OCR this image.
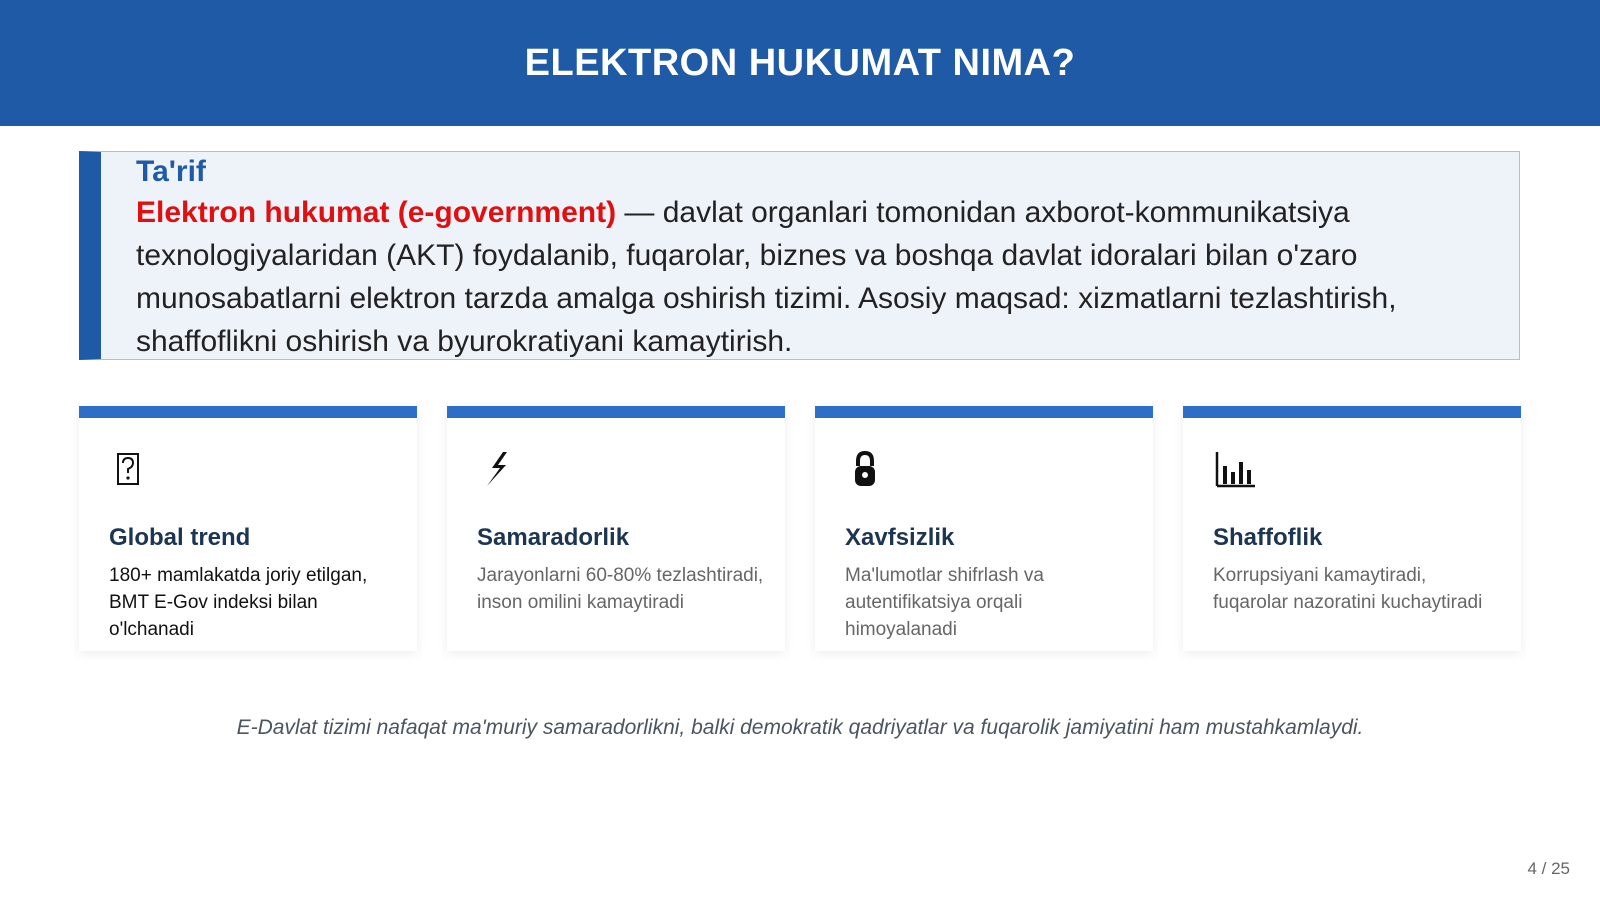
ELEKTRON HUKUMAT NIMA?
Ta'rif
Elektron hukumat (e-government) — davlat organlari tomonidan axborot-kommunikatsiya texnologiyalaridan (AKT) foydalanib, fuqarolar, biznes va boshqa davlat idoralari bilan o'zaro munosabatlarni elektron tarzda amalga oshirish tizimi. Asosiy maqsad: xizmatlarni tezlashtirish, shaffoflikni oshirish va byurokratiyani kamaytirish.
Global trend
180+ mamlakatda joriy etilgan, BMT E-Gov indeksi bilan o'lchanadi
Samaradorlik
Jarayonlarni 60-80% tezlashtiradi, inson omilini kamaytiradi
Xavfsizlik
Ma'lumotlar shifrlash va autentifikatsiya orqali himoyalanadi
Shaffoflik
Korrupsiyani kamaytiradi, fuqarolar nazoratini kuchaytiradi
E-Davlat tizimi nafaqat ma'muriy samaradorlikni, balki demokratik qadriyatlar va fuqarolik jamiyatini ham mustahkamlaydi.
4 / 25
